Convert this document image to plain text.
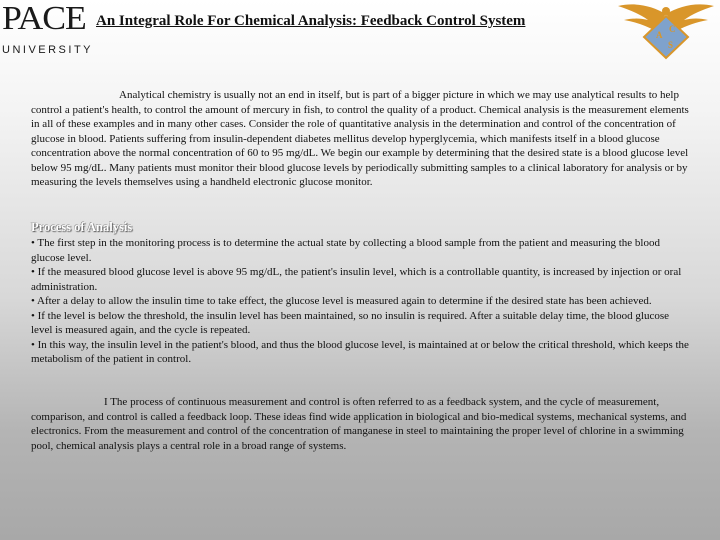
PACE
UNIVERSITY
An Integral Role For Chemical Analysis: Feedback Control System
A
C
S

Analytical chemistry is usually not an end in itself, but is part of a bigger picture in which we may use analytical results to help control a patient's health, to control the amount of mercury in fish, to control the quality of a product. Chemical analysis is the measurement elements in all of these examples and in many other cases. Consider the role of quantitative analysis in the determination and control of the concentration of glucose in blood. Patients suffering from insulin-dependent diabetes mellitus develop hyperglycemia, which manifests itself in a blood glucose concentration above the normal concentration of 60 to 95 mg/dL. We begin our example by determining that the desired state is a blood glucose level below 95 mg/dL. Many patients must monitor their blood glucose levels by periodically submitting samples to a clinical laboratory for analysis or by measuring the levels themselves using a handheld electronic glucose monitor.

Process of Analysis
• The first step in the monitoring process is to determine the actual state by collecting a blood sample from the patient and measuring the blood glucose level.
• If the measured blood glucose level is above 95 mg/dL, the patient's insulin level, which is a controllable quantity, is increased by injection or oral administration.
• After a delay to allow the insulin time to take effect, the glucose level is measured again to determine if the desired state has been achieved.
• If the level is below the threshold, the insulin level has been maintained, so no insulin is required. After a suitable delay time, the blood glucose level is measured again, and the cycle is repeated.
• In this way, the insulin level in the patient's blood, and thus the blood glucose level, is maintained at or below the critical threshold, which keeps the metabolism of the patient in control.

I The process of continuous measurement and control is often referred to as a feedback system, and the cycle of measurement, comparison, and control is called a feedback loop. These ideas find wide application in biological and bio-medical systems, mechanical systems, and electronics. From the measurement and control of the concentration of manganese in steel to maintaining the proper level of chlorine in a swimming pool, chemical analysis plays a central role in a broad range of systems.
